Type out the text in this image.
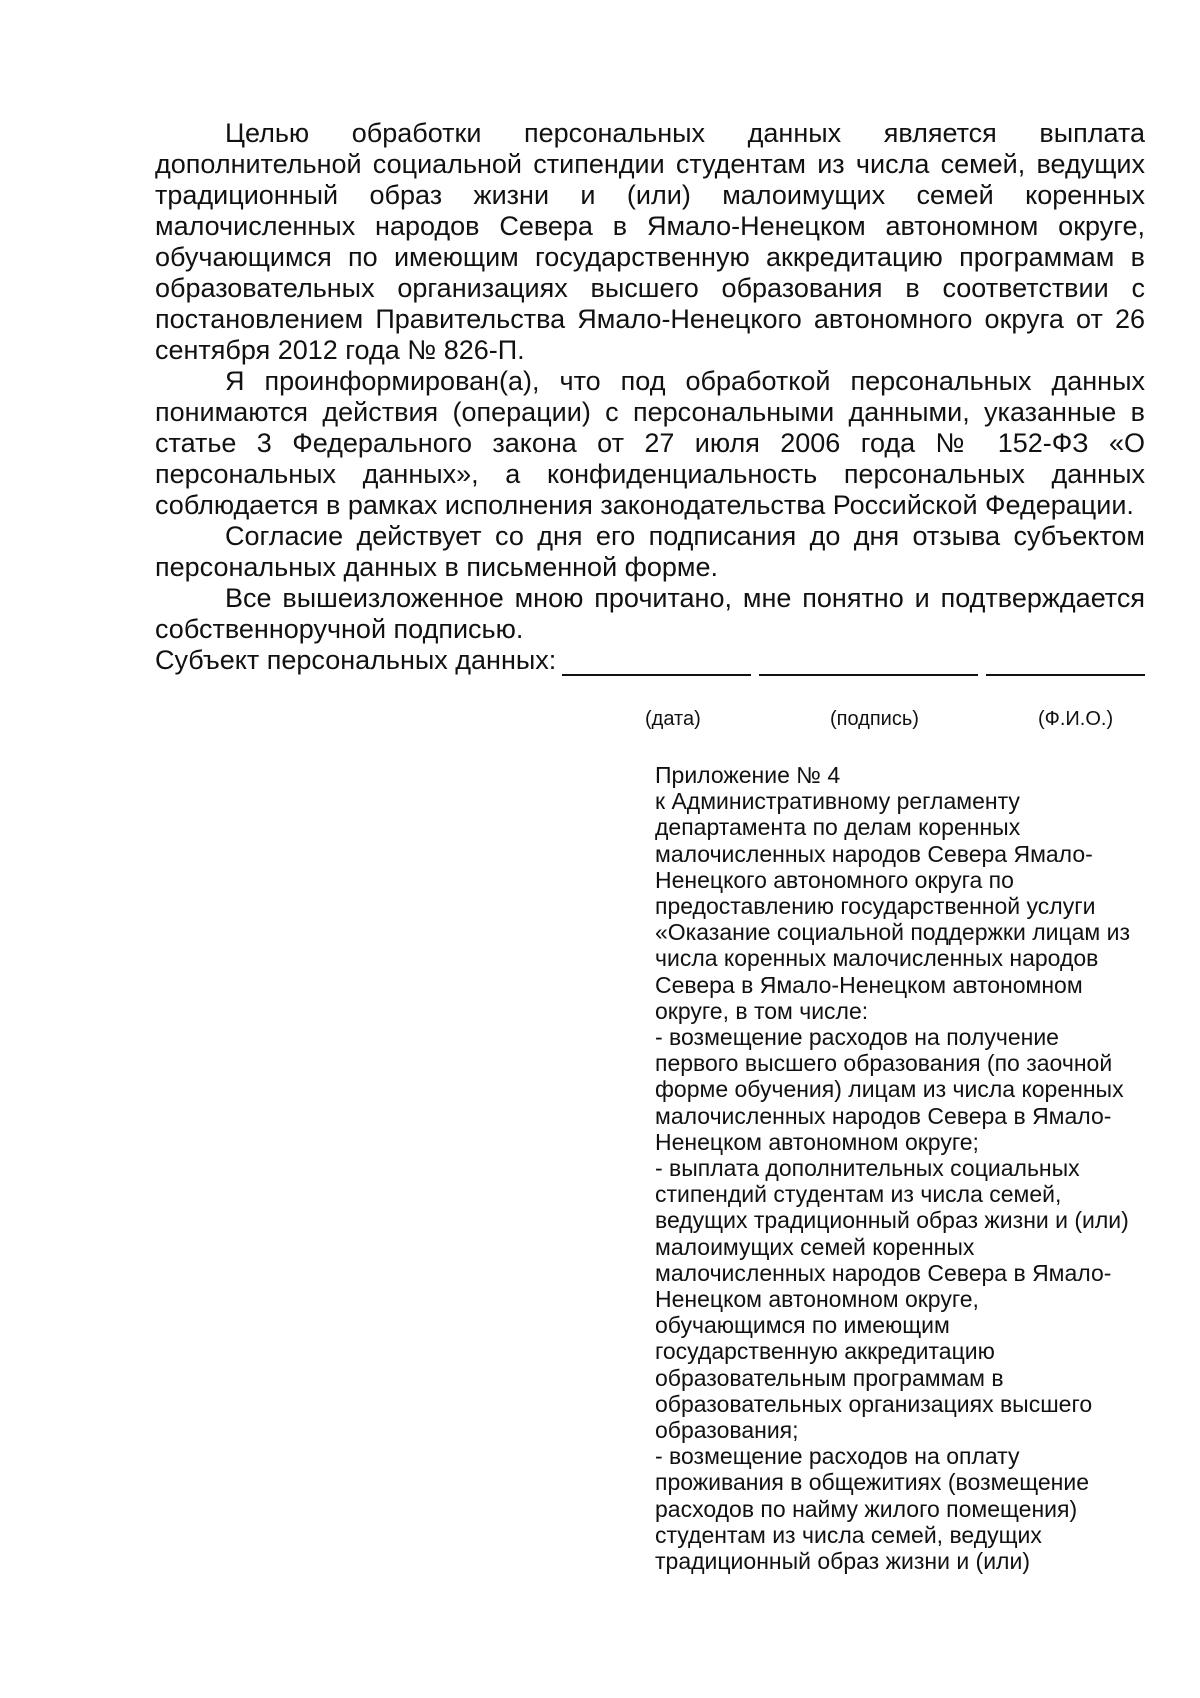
Целью обработки персональных данных является выплата дополнительной социальной стипендии студентам из числа семей, ведущих традиционный образ жизни и (или) малоимущих семей коренных малочисленных народов Севера в Ямало-Ненецком автономном округе, обучающимся по имеющим государственную аккредитацию программам в образовательных организациях высшего образования в соответствии с постановлением Правительства Ямало-Ненецкого автономного округа от 26 сентября 2012 года № 826-П.

Я проинформирован(а), что под обработкой персональных данных понимаются действия (операции) с персональными данными, указанные в статье 3 Федерального закона от 27 июля 2006 года № 152-ФЗ «О персональных данных», а конфиденциальность персональных данных соблюдается в рамках исполнения законодательства Российской Федерации.

Согласие действует со дня его подписания до дня отзыва субъектом персональных данных в письменной форме.

Все вышеизложенное мною прочитано, мне понятно и подтверждается собственноручной подписью.

Субъект персональных данных:

(дата)	(подпись)	(Ф.И.О.)

Приложение № 4

к Административному регламенту

департамента по делам коренных

малочисленных народов Севера Ямало-

Ненецкого автономного округа по

предоставлению государственной услуги

«Оказание социальной поддержки лицам из

числа коренных малочисленных народов

Севера в Ямало-Ненецком автономном

округе, в том числе:

- возмещение расходов на получение

первого высшего образования (по заочной

форме обучения) лицам из числа коренных

малочисленных народов Севера в Ямало-

Ненецком автономном округе;

- выплата дополнительных социальных

стипендий студентам из числа семей,

ведущих традиционный образ жизни и (или)

малоимущих семей коренных

малочисленных народов Севера в Ямало-

Ненецком автономном округе,

обучающимся по имеющим

государственную аккредитацию

образовательным программам в

образовательных организациях высшего

образования;

- возмещение расходов на оплату

проживания в общежитиях (возмещение

расходов по найму жилого помещения)

студентам из числа семей, ведущих

традиционный образ жизни и (или)
